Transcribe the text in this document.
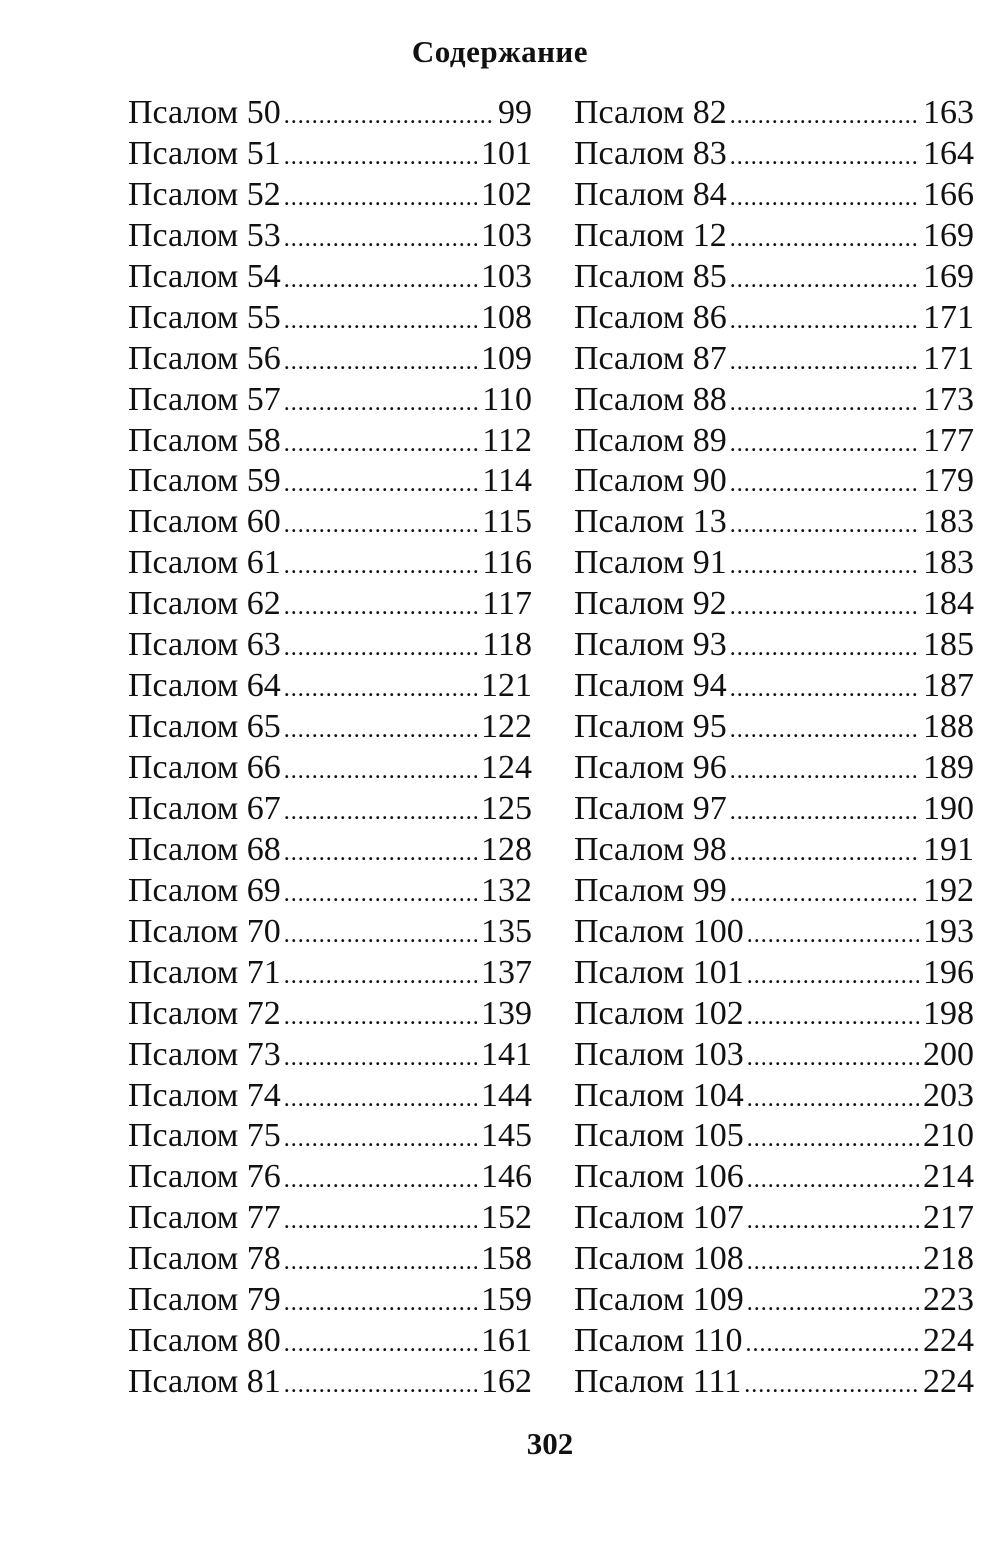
Содержание
Псалом 50 .....	99
Псалом 51 .....	101
Псалом 52 .....	102
Псалом 53 .....	103
Псалом 54 .....	103
Псалом 55 .....	108
Псалом 56 .....	109
Псалом 57 .....	110
Псалом 58 .....	112
Псалом 59 .....	114
Псалом 60 .....	115
Псалом 61 .....	116
Псалом 62 .....	117
Псалом 63 .....	118
Псалом 64 .....	121
Псалом 65 .....	122
Псалом 66 .....	124
Псалом 67 .....	125
Псалом 68 .....	128
Псалом 69 .....	132
Псалом 70 .....	135
Псалом 71 .....	137
Псалом 72 .....	139
Псалом 73 .....	141
Псалом 74 .....	144
Псалом 75 .....	145
Псалом 76 .....	146
Псалом 77 .....	152
Псалом 78 .....	158
Псалом 79 .....	159
Псалом 80 .....	161
Псалом 81 .....	162
Псалом 82 .....	163
Псалом 83 .....	164
Псалом 84 .....	166
Псалом 12 .....	169
Псалом 85 .....	169
Псалом 86 .....	171
Псалом 87 .....	171
Псалом 88 .....	173
Псалом 89 .....	177
Псалом 90 .....	179
Псалом 13 .....	183
Псалом 91 .....	183
Псалом 92 .....	184
Псалом 93 .....	185
Псалом 94 .....	187
Псалом 95 .....	188
Псалом 96 .....	189
Псалом 97 .....	190
Псалом 98 .....	191
Псалом 99 .....	192
Псалом 100 .....	193
Псалом 101 .....	196
Псалом 102 .....	198
Псалом 103 .....	200
Псалом 104 .....	203
Псалом 105 .....	210
Псалом 106 .....	214
Псалом 107 .....	217
Псалом 108 .....	218
Псалом 109 .....	223
Псалом 110 .....	224
Псалом 111 .....	224
302
